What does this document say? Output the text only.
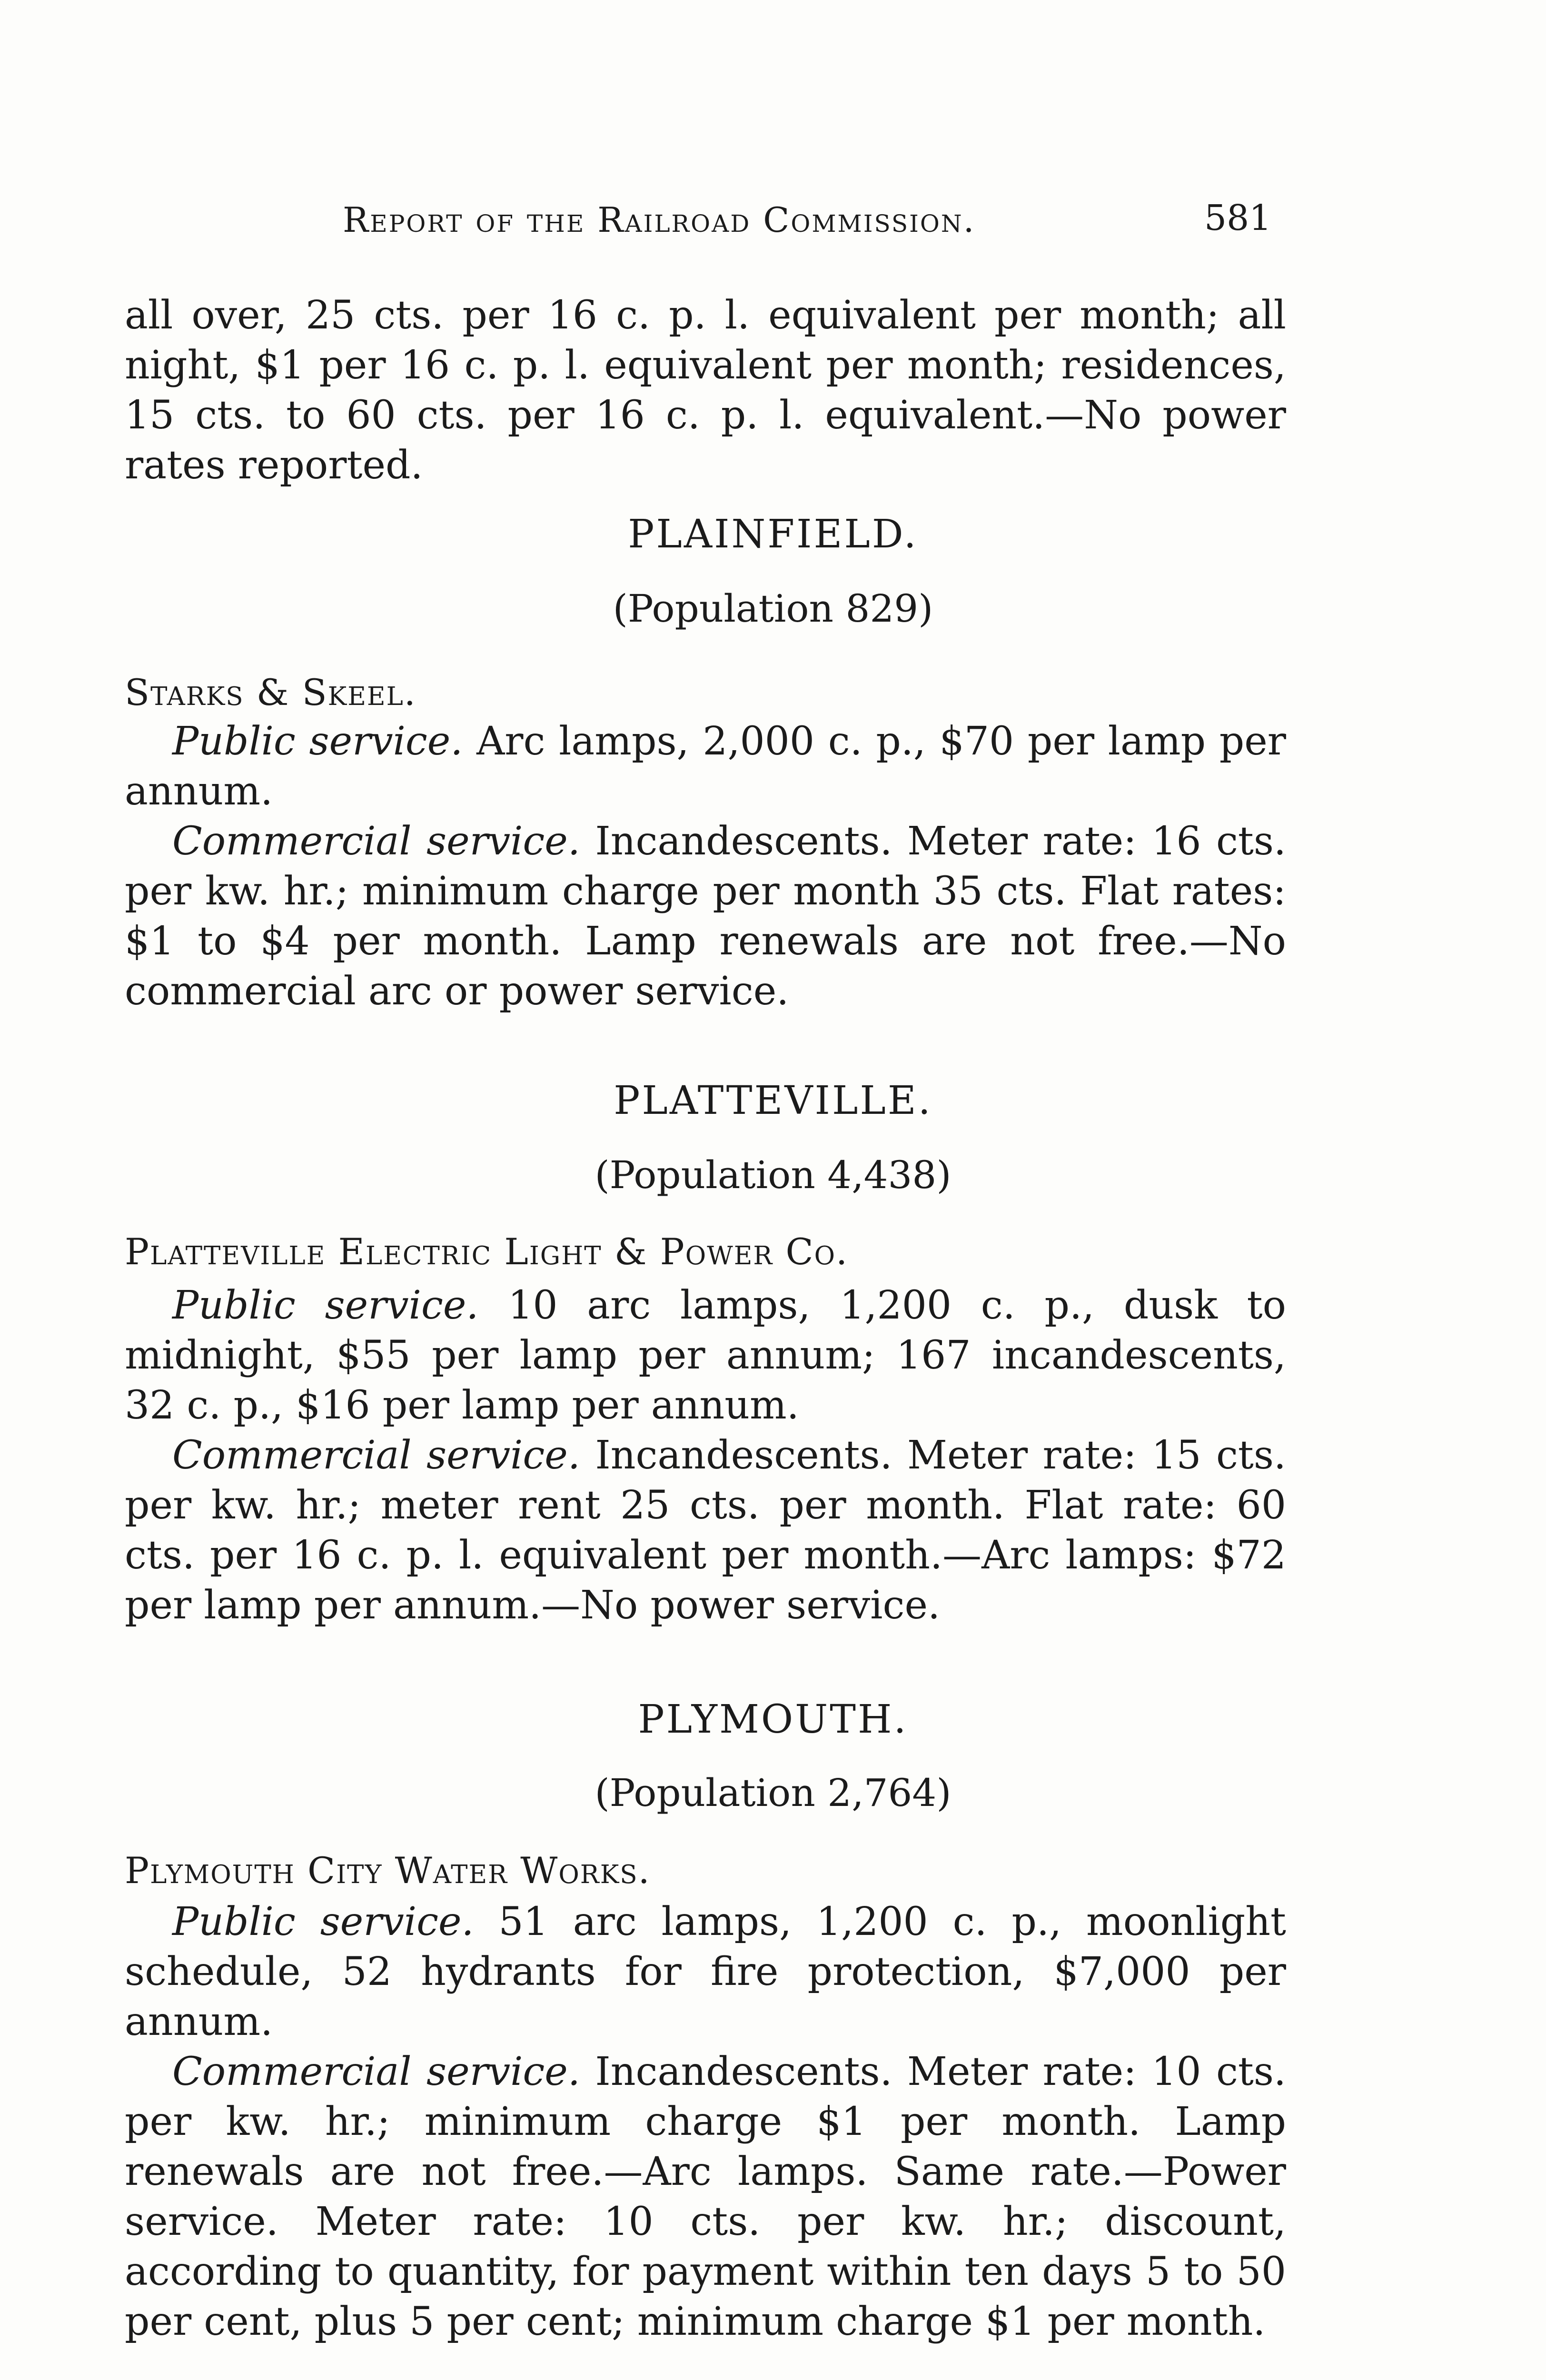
Report of the Railroad Commission.	581

all over, 25 cts. per 16 c. p. l. equivalent per month; all night, $1 per 16 c. p. l. equivalent per month; residences, 15 cts. to 60 cts. per 16 c. p. l. equivalent.—No power rates reported.

PLAINFIELD.
(Population 829)
Starks & Skeel.

Public service. Arc lamps, 2,000 c. p., $70 per lamp per annum.

Commercial service. Incandescents. Meter rate: 16 cts. per kw. hr.; minimum charge per month 35 cts. Flat rates: $1 to $4 per month. Lamp renewals are not free.—No commercial arc or power service.

PLATTEVILLE.
(Population 4,438)
Platteville Electric Light & Power Co.

Public service. 10 arc lamps, 1,200 c. p., dusk to midnight, $55 per lamp per annum; 167 incandescents, 32 c. p., $16 per lamp per annum.

Commercial service. Incandescents. Meter rate: 15 cts. per kw. hr.; meter rent 25 cts. per month. Flat rate: 60 cts. per 16 c. p. l. equivalent per month.—Arc lamps: $72 per lamp per annum.—No power service.

PLYMOUTH.
(Population 2,764)
Plymouth City Water Works.

Public service. 51 arc lamps, 1,200 c. p., moonlight schedule, 52 hydrants for fire protection, $7,000 per annum.

Commercial service. Incandescents. Meter rate: 10 cts. per kw. hr.; minimum charge $1 per month. Lamp renewals are not free.—Arc lamps. Same rate.—Power service. Meter rate: 10 cts. per kw. hr.; discount, according to quantity, for payment within ten days 5 to 50 per cent, plus 5 per cent; minimum charge $1 per month.
